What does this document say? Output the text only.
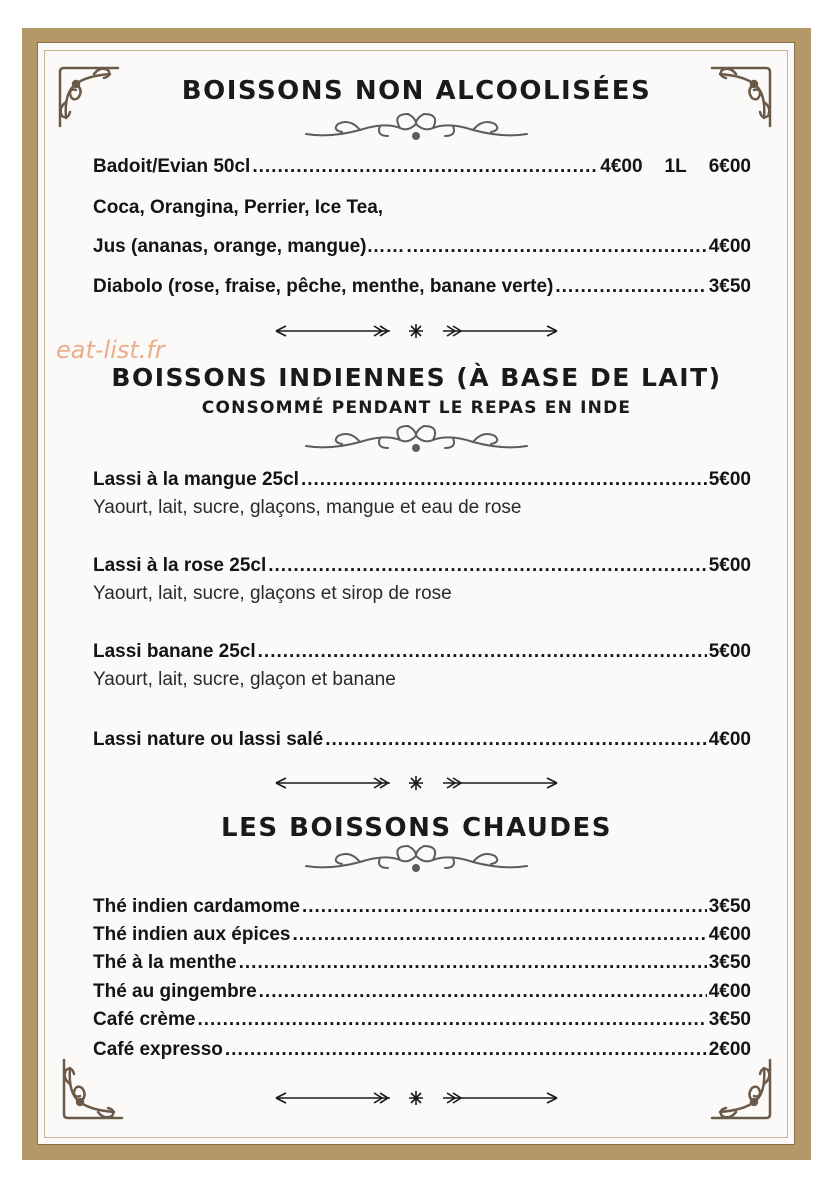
BOISSONS NON ALCOOLISÉES
Badoit/Evian 50cl .....	4€00 1L 6€00
Coca, Orangina, Perrier, Ice Tea,
Jus (ananas, orange, mangue)…… .....	4€00
Diabolo (rose, fraise, pêche, menthe, banane verte) .....	3€50
eat-list.fr
BOISSONS INDIENNES (À BASE DE LAIT)
CONSOMMÉ PENDANT LE REPAS EN INDE
Lassi à la mangue 25cl .....	5€00
Yaourt, lait, sucre, glaçons, mangue et eau de rose
Lassi à la rose 25cl .....	5€00
Yaourt, lait, sucre, glaçons et sirop de rose
Lassi banane 25cl .....	5€00
Yaourt, lait, sucre, glaçon et banane
Lassi nature ou lassi salé .....	4€00
LES BOISSONS CHAUDES
Thé indien cardamome .....	3€50
Thé indien aux épices .....	4€00
Thé à la menthe .....	3€50
Thé au gingembre .....	4€00
Café crème .....	3€50
Café expresso .....	2€00
